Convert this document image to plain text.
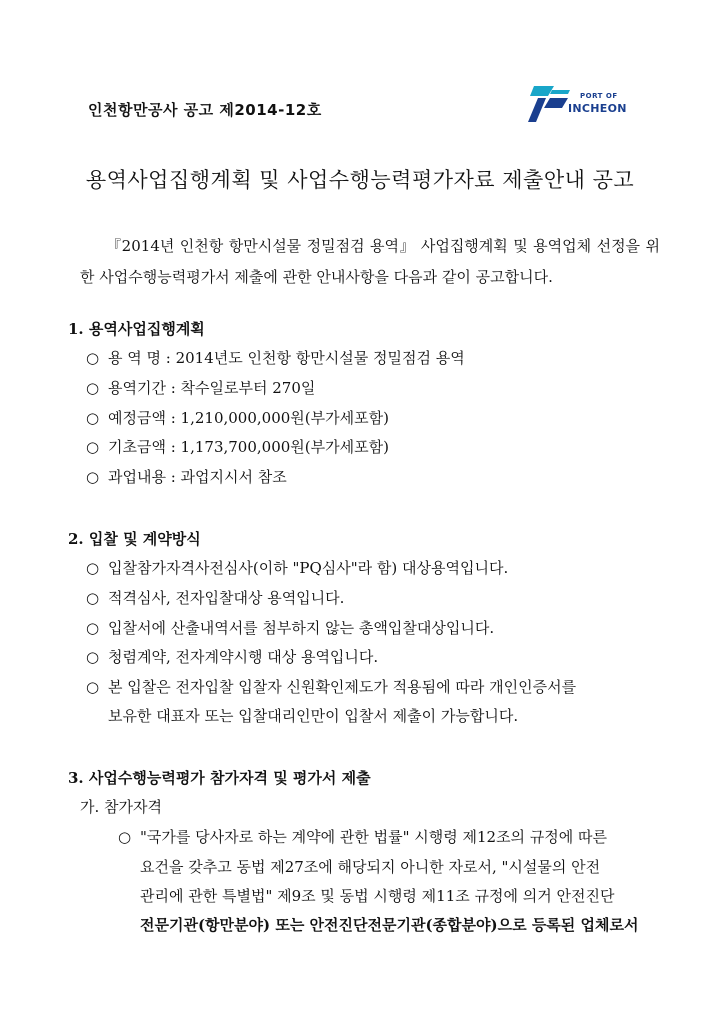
인천항만공사 공고 제2014-12호
PORT OF
INCHEON
용역사업집행계획 및 사업수행능력평가자료 제출안내 공고
『2014년 인천항 항만시설물 정밀점검 용역』 사업집행계획 및 용역업체 선정을 위한 사업수행능력평가서 제출에 관한 안내사항을 다음과 같이 공고합니다.
1. 용역사업집행계획
○ 용 역 명 : 2014년도 인천항 항만시설물 정밀점검 용역
○ 용역기간 : 착수일로부터 270일
○ 예정금액 : 1,210,000,000원(부가세포함)
○ 기초금액 : 1,173,700,000원(부가세포함)
○ 과업내용 : 과업지시서 참조
2. 입찰 및 계약방식
○ 입찰참가자격사전심사(이하 "PQ심사"라 함) 대상용역입니다.
○ 적격심사, 전자입찰대상 용역입니다.
○ 입찰서에 산출내역서를 첨부하지 않는 총액입찰대상입니다.
○ 청렴계약, 전자계약시행 대상 용역입니다.
○ 본 입찰은 전자입찰 입찰자 신원확인제도가 적용됨에 따라 개인인증서를
보유한 대표자 또는 입찰대리인만이 입찰서 제출이 가능합니다.
3. 사업수행능력평가 참가자격 및 평가서 제출
가. 참가자격
○ "국가를 당사자로 하는 계약에 관한 법률" 시행령 제12조의 규정에 따른
요건을 갖추고 동법 제27조에 해당되지 아니한 자로서, "시설물의 안전
관리에 관한 특별법" 제9조 및 동법 시행령 제11조 규정에 의거 안전진단
전문기관(항만분야) 또는 안전진단전문기관(종합분야)으로 등록된 업체로서
